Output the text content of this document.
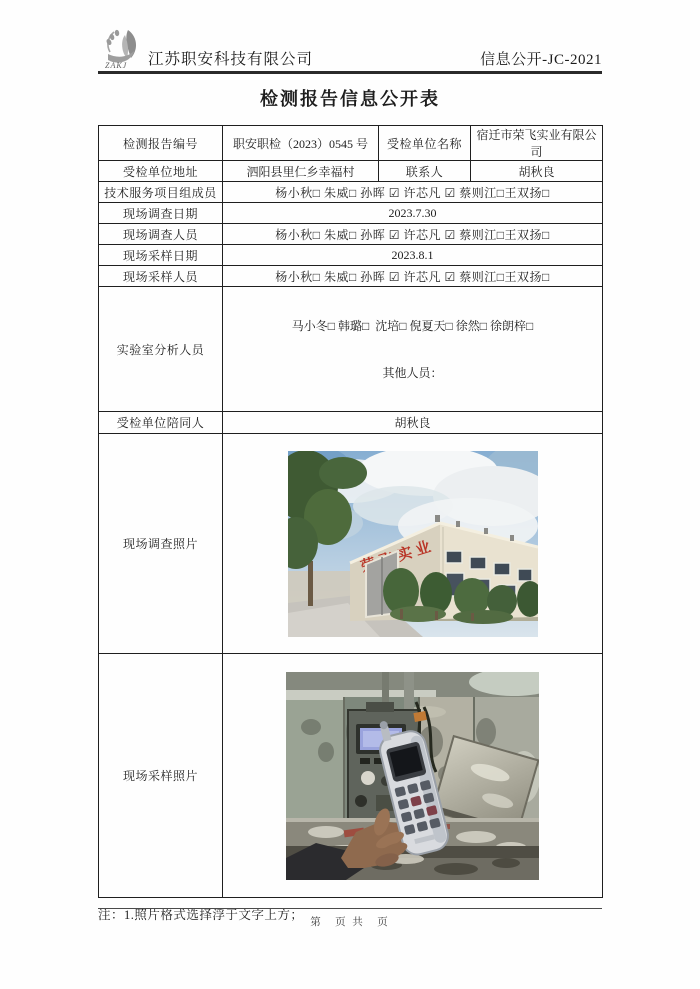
ZAKJ 江苏职安科技有限公司	信息公开-JC-2021
检测报告信息公开表
检测报告编号	职安职检（2023）0545 号	受检单位名称	宿迁市荣飞实业有限公司
受检单位地址	泗阳县里仁乡幸福村	联系人	胡秋良
技术服务项目组成员	杨小秋□ 朱威□ 孙晖 ☑ 许芯凡 ☑ 蔡则江□王双扬□		
现场调查日期	2023.7.30		
现场调查人员	杨小秋□ 朱威□ 孙晖 ☑ 许芯凡 ☑ 蔡则江□王双扬□		
现场采样日期	2023.8.1		
现场采样人员	杨小秋□ 朱威□ 孙晖 ☑ 许芯凡 ☑ 蔡则江□王双扬□		
实验室分析人员	马小冬□ 韩璐□  沈培□ 倪夏天□ 徐然□ 徐朗梓□

其他人员：		

受检单位陪同人	胡秋良		
现场调查照片	

现场采样照片	
注：1.照片格式选择浮于文字上方；
第　页 共　页
